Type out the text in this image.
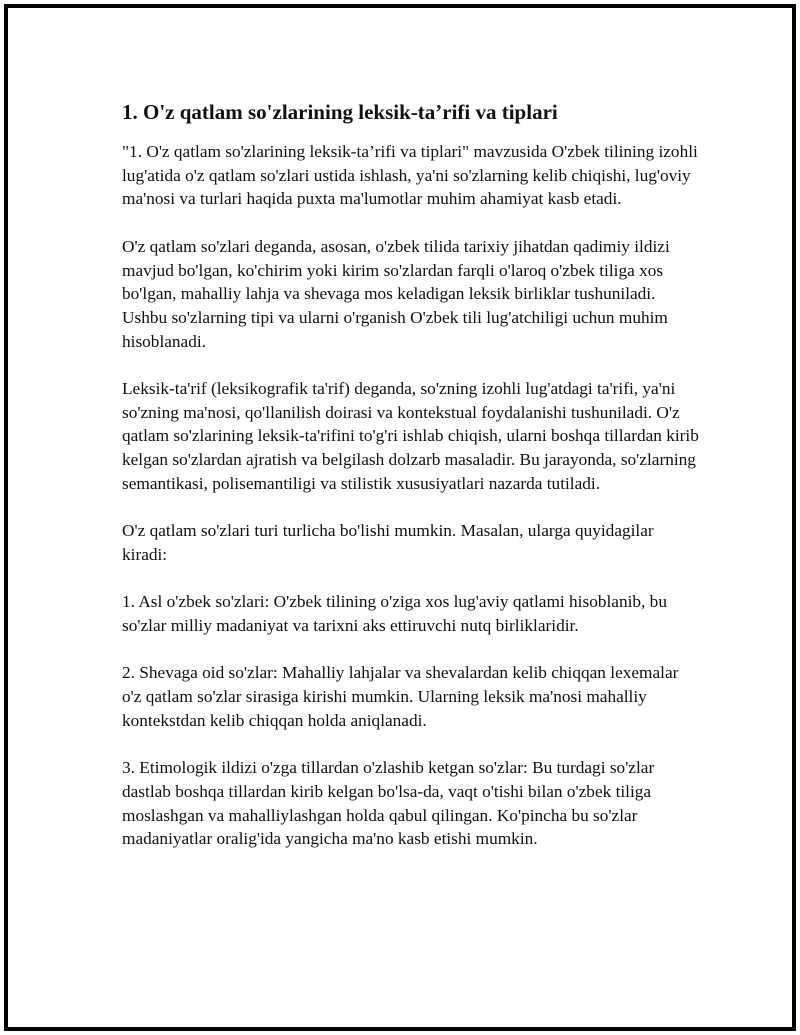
1. O'z qatlam so'zlarining leksik-ta’rifi va tiplari

"1. O'z qatlam so'zlarining leksik-ta’rifi va tiplari" mavzusida O'zbek tilining izohli lug'atida o'z qatlam so'zlari ustida ishlash, ya'ni so'zlarning kelib chiqishi, lug'oviy ma'nosi va turlari haqida puxta ma'lumotlar muhim ahamiyat kasb etadi.

O'z qatlam so'zlari deganda, asosan, o'zbek tilida tarixiy jihatdan qadimiy ildizi mavjud bo'lgan, ko'chirim yoki kirim so'zlardan farqli o'laroq o'zbek tiliga xos bo'lgan, mahalliy lahja va shevaga mos keladigan leksik birliklar tushuniladi. Ushbu so'zlarning tipi va ularni o'rganish O'zbek tili lug'atchiligi uchun muhim hisoblanadi.

Leksik-ta'rif (leksikografik ta'rif) deganda, so'zning izohli lug'atdagi ta'rifi, ya'ni so'zning ma'nosi, qo'llanilish doirasi va kontekstual foydalanishi tushuniladi. O'z qatlam so'zlarining leksik-ta'rifini to'g'ri ishlab chiqish, ularni boshqa tillardan kirib kelgan so'zlardan ajratish va belgilash dolzarb masaladir. Bu jarayonda, so'zlarning semantikasi, polisemantiligi va stilistik xususiyatlari nazarda tutiladi.

O'z qatlam so'zlari turi turlicha bo'lishi mumkin. Masalan, ularga quyidagilar kiradi:

1. Asl o'zbek so'zlari: O'zbek tilining o'ziga xos lug'aviy qatlami hisoblanib, bu so'zlar milliy madaniyat va tarixni aks ettiruvchi nutq birliklaridir.

2. Shevaga oid so'zlar: Mahalliy lahjalar va shevalardan kelib chiqqan lexemalar o'z qatlam so'zlar sirasiga kirishi mumkin. Ularning leksik ma'nosi mahalliy kontekstdan kelib chiqqan holda aniqlanadi.

3. Etimologik ildizi o'zga tillardan o'zlashib ketgan so'zlar: Bu turdagi so'zlar dastlab boshqa tillardan kirib kelgan bo'lsa-da, vaqt o'tishi bilan o'zbek tiliga moslashgan va mahalliylashgan holda qabul qilingan. Ko'pincha bu so'zlar madaniyatlar oralig'ida yangicha ma'no kasb etishi mumkin.
